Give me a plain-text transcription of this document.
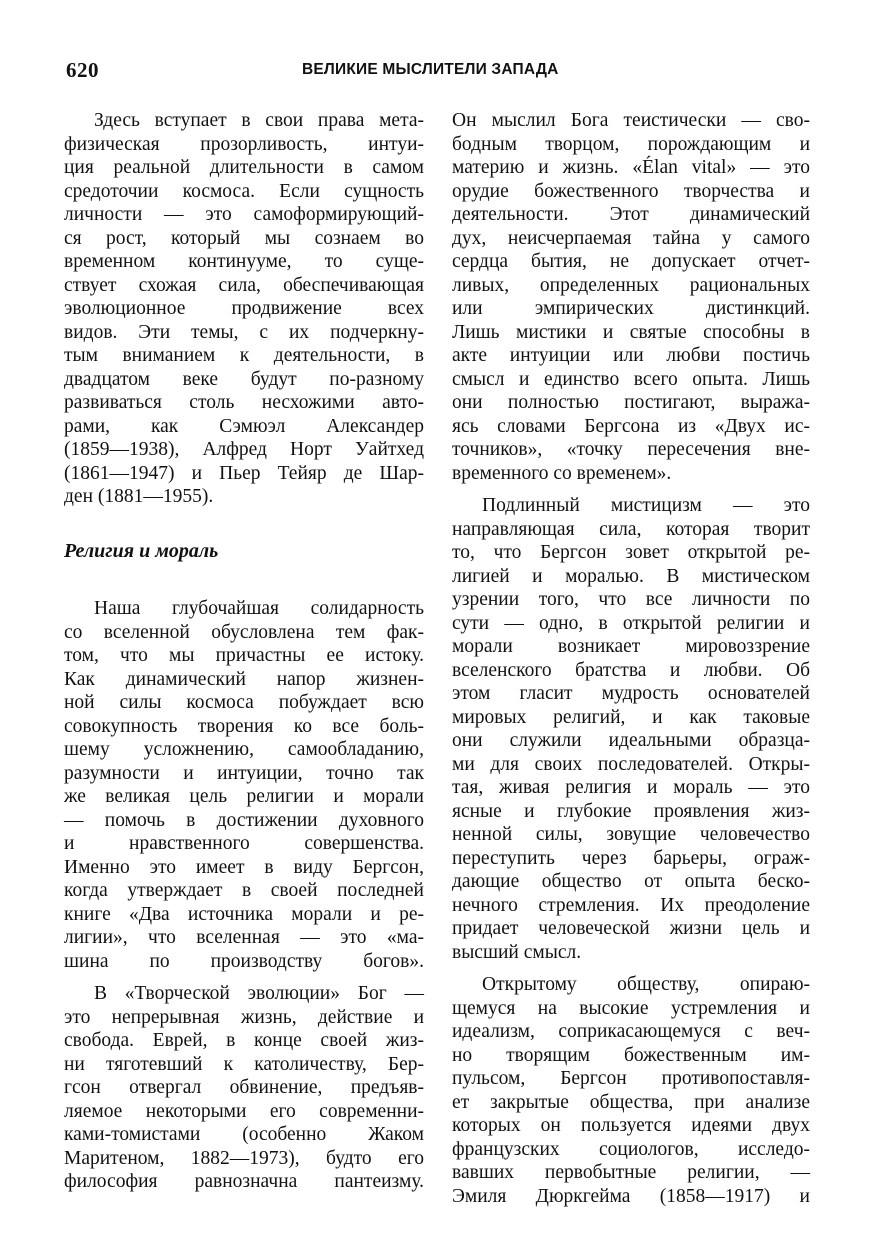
620	ВЕЛИКИЕ МЫСЛИТЕЛИ ЗАПАДА
Здесь вступает в свои права мета-
физическая прозорливость, интуи-
ция реальной длительности в самом
средоточии космоса. Если сущность
личности — это самоформирующий-
ся рост, который мы сознаем во
временном континууме, то суще-
ствует схожая сила, обеспечивающая
эволюционное продвижение всех
видов. Эти темы, с их подчеркну-
тым вниманием к деятельности, в
двадцатом веке будут по-разному
развиваться столь несхожими авто-
рами, как Сэмюэл Александер
(1859—1938), Алфред Норт Уайтхед
(1861—1947) и Пьер Тейяр де Шар-
ден (1881—1955).
Религия и мораль
Наша глубочайшая солидарность
со вселенной обусловлена тем фак-
том, что мы причастны ее истоку.
Как динамический напор жизнен-
ной силы космоса побуждает всю
совокупность творения ко все боль-
шему усложнению, самообладанию,
разумности и интуиции, точно так
же великая цель религии и морали
— помочь в достижении духовного
и нравственного совершенства.
Именно это имеет в виду Бергсон,
когда утверждает в своей последней
книге «Два источника морали и ре-
лигии», что вселенная — это «ма-
шина по производству богов».
В «Творческой эволюции» Бог —
это непрерывная жизнь, действие и
свобода. Еврей, в конце своей жиз-
ни тяготевший к католичеству, Бер-
гсон отвергал обвинение, предъяв-
ляемое некоторыми его современни-
ками-томистами (особенно Жаком
Маритеном, 1882—1973), будто его
философия равнозначна пантеизму.
Он мыслил Бога теистически — сво-
бодным творцом, порождающим и
материю и жизнь. «Élan vital» — это
орудие божественного творчества и
деятельности. Этот динамический
дух, неисчерпаемая тайна у самого
сердца бытия, не допускает отчет-
ливых, определенных рациональных
или эмпирических дистинкций.
Лишь мистики и святые способны в
акте интуиции или любви постичь
смысл и единство всего опыта. Лишь
они полностью постигают, выража-
ясь словами Бергсона из «Двух ис-
точников», «точку пересечения вне-
временного со временем».
Подлинный мистицизм — это
направляющая сила, которая творит
то, что Бергсон зовет открытой ре-
лигией и моралью. В мистическом
узрении того, что все личности по
сути — одно, в открытой религии и
морали возникает мировоззрение
вселенского братства и любви. Об
этом гласит мудрость основателей
мировых религий, и как таковые
они служили идеальными образца-
ми для своих последователей. Откры-
тая, живая религия и мораль — это
ясные и глубокие проявления жиз-
ненной силы, зовущие человечество
переступить через барьеры, ограж-
дающие общество от опыта беско-
нечного стремления. Их преодоление
придает человеческой жизни цель и
высший смысл.
Открытому обществу, опираю-
щемуся на высокие устремления и
идеализм, соприкасающемуся с веч-
но творящим божественным им-
пульсом, Бергсон противопоставля-
ет закрытые общества, при анализе
которых он пользуется идеями двух
французских социологов, исследо-
вавших первобытные религии, —
Эмиля Дюркгейма (1858—1917) и
